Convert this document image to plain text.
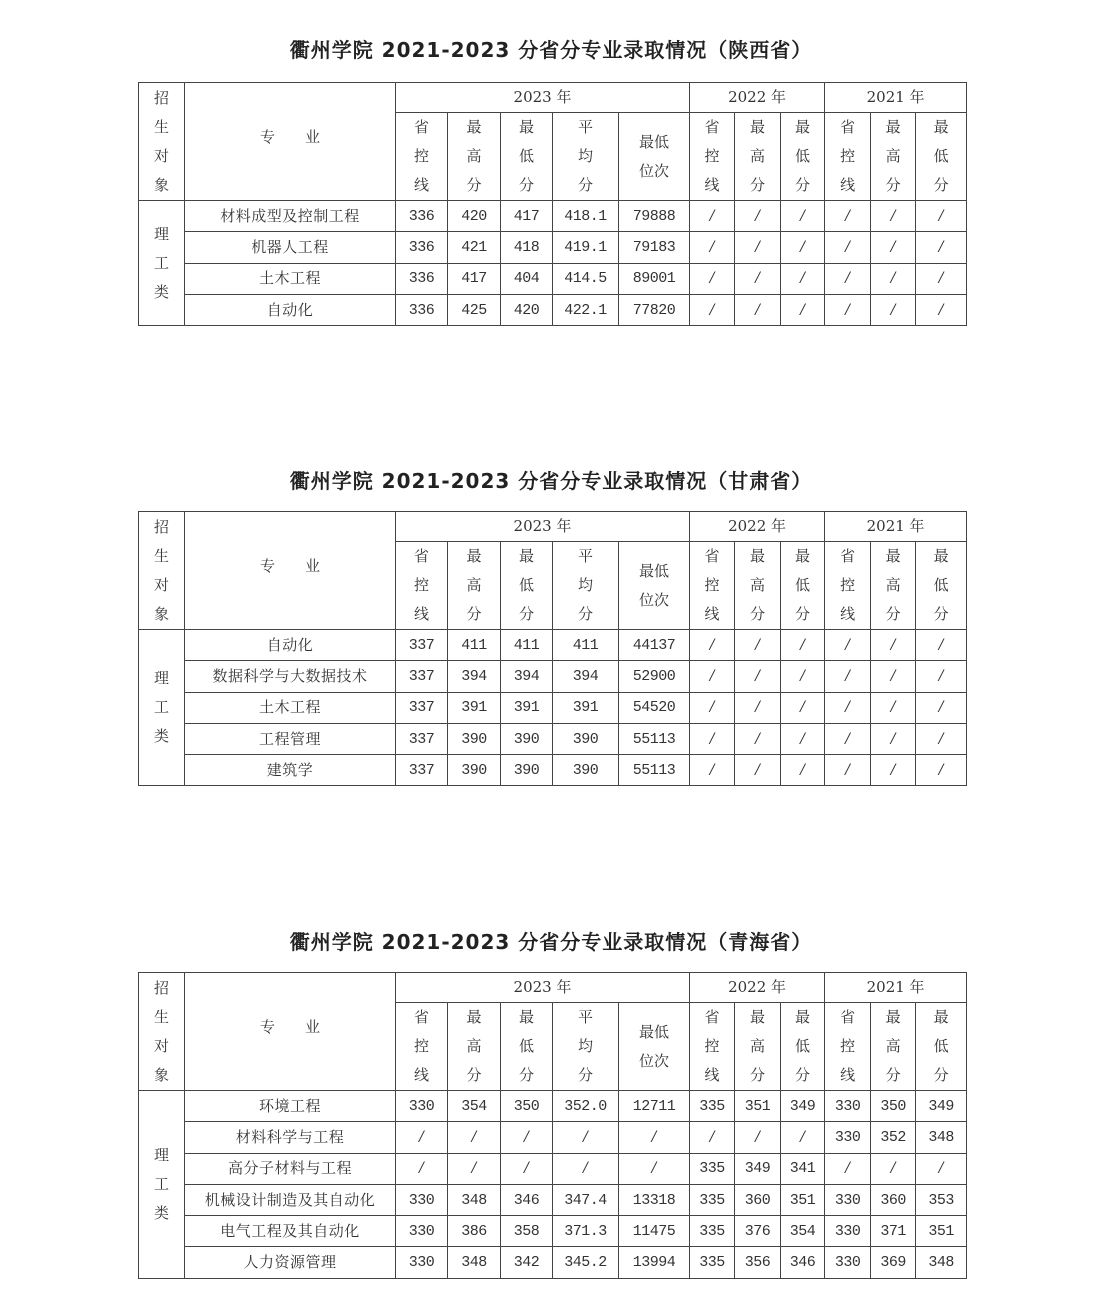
衢州学院 2021-2023 分省分专业录取情况（陕西省）
招
生
对
象	专　　业	2023 年					2022 年			2021 年		

		省
控
线	最
高
分	最
低
分	平
均
分	最低
位次	省
控
线	最
高
分	最
低
分	省
控
线	最
高
分	最
低
分

理
工
类	材料成型及控制工程	336	420	417	418.1	79888	/	/	/	/	/	/
	机器人工程	336	421	418	419.1	79183	/	/	/	/	/	/
	土木工程	336	417	404	414.5	89001	/	/	/	/	/	/
	自动化	336	425	420	422.1	77820	/	/	/	/	/	/
衢州学院 2021-2023 分省分专业录取情况（甘肃省）
招
生
对
象	专　　业	2023 年					2022 年			2021 年		

		省
控
线	最
高
分	最
低
分	平
均
分	最低
位次	省
控
线	最
高
分	最
低
分	省
控
线	最
高
分	最
低
分

理
工
类	自动化	337	411	411	411	44137	/	/	/	/	/	/
	数据科学与大数据技术	337	394	394	394	52900	/	/	/	/	/	/
	土木工程	337	391	391	391	54520	/	/	/	/	/	/
	工程管理	337	390	390	390	55113	/	/	/	/	/	/
	建筑学	337	390	390	390	55113	/	/	/	/	/	/
衢州学院 2021-2023 分省分专业录取情况（青海省）
招
生
对
象	专　　业	2023 年					2022 年			2021 年		

		省
控
线	最
高
分	最
低
分	平
均
分	最低
位次	省
控
线	最
高
分	最
低
分	省
控
线	最
高
分	最
低
分

理
工
类	环境工程	330	354	350	352.0	12711	335	351	349	330	350	349
	材料科学与工程	/	/	/	/	/	/	/	/	330	352	348
	高分子材料与工程	/	/	/	/	/	335	349	341	/	/	/
	机械设计制造及其自动化	330	348	346	347.4	13318	335	360	351	330	360	353
	电气工程及其自动化	330	386	358	371.3	11475	335	376	354	330	371	351
	人力资源管理	330	348	342	345.2	13994	335	356	346	330	369	348
